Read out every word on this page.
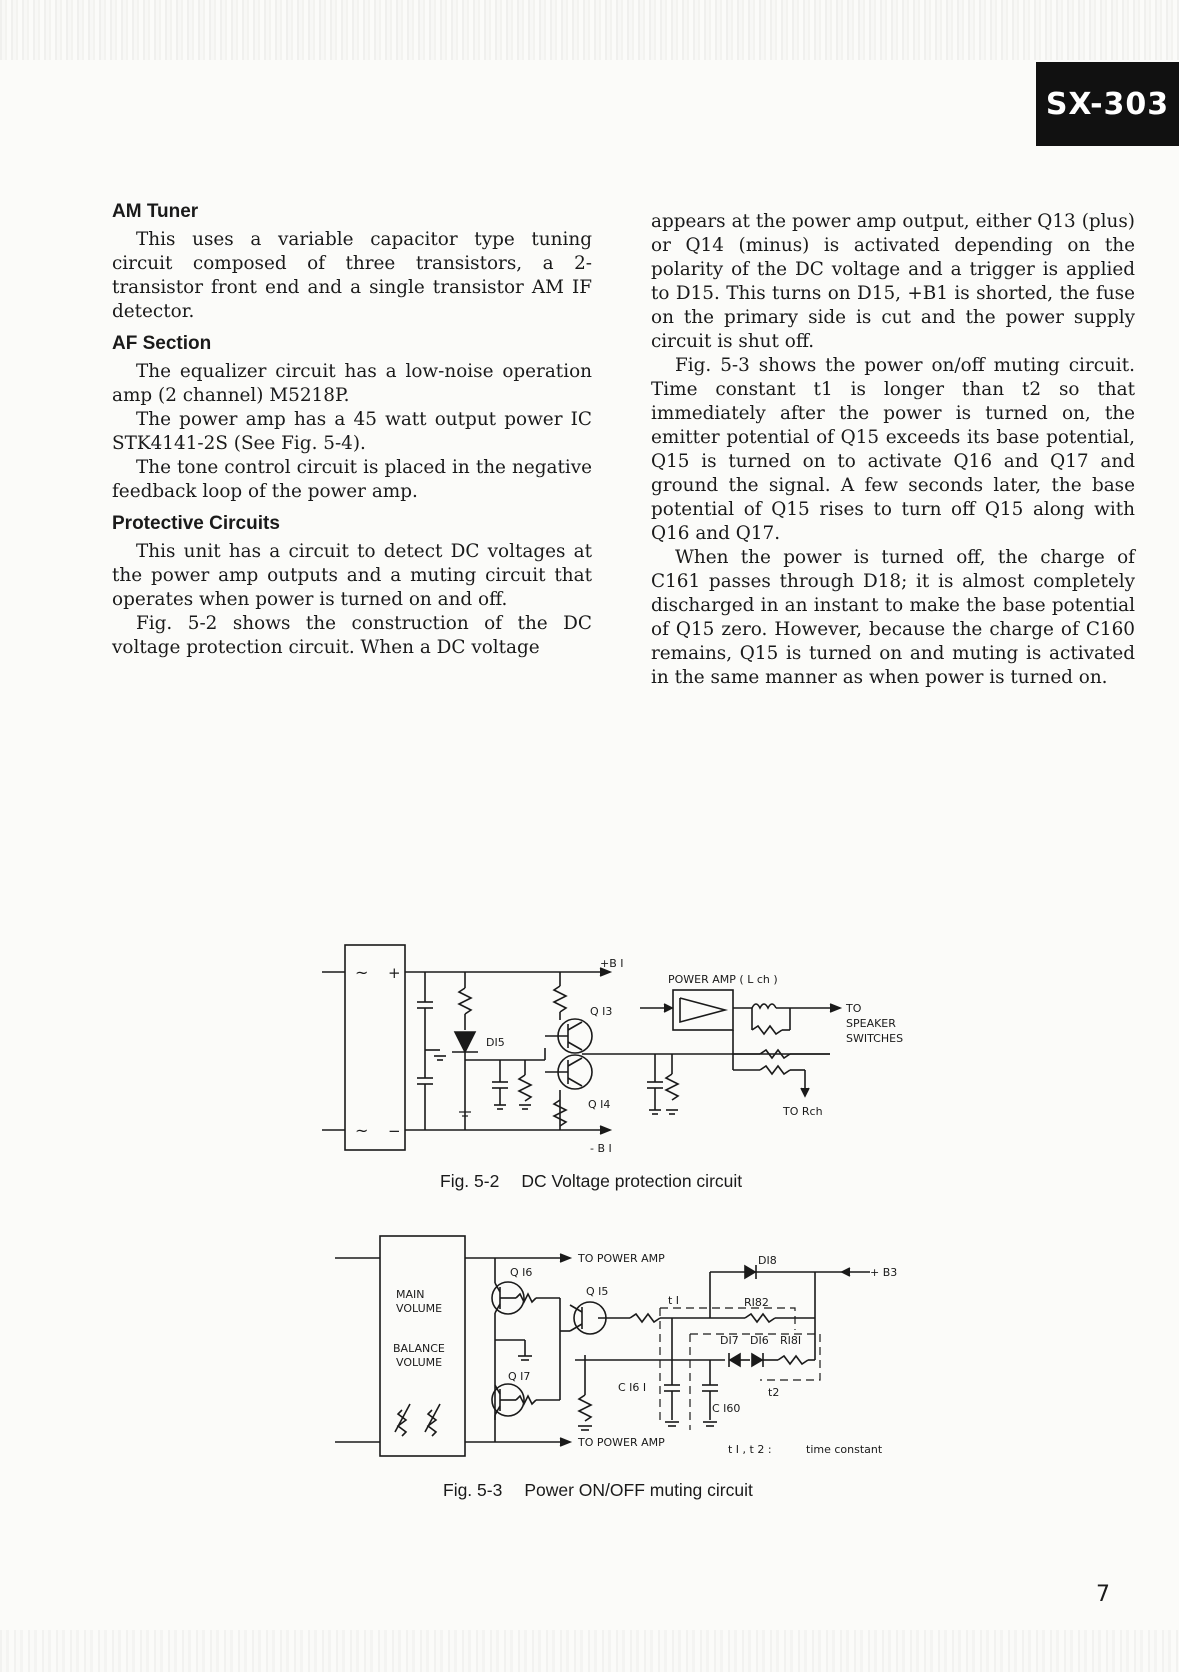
SX-303
AM Tuner

This uses a variable capacitor type tuning circuit composed of three transistors, a 2-transistor front end and a single transistor AM IF detector.

AF Section

The equalizer circuit has a low-noise operation amp (2 channel) M5218P.

The power amp has a 45 watt output power IC STK4141-2S (See Fig. 5-4).

The tone control circuit is placed in the negative feedback loop of the power amp.

Protective Circuits

This unit has a circuit to detect DC voltages at the power amp outputs and a muting circuit that operates when power is turned on and off.

Fig. 5-2 shows the construction of the DC voltage protection circuit. When a DC voltage

appears at the power amp output, either Q13 (plus) or Q14 (minus) is activated depending on the polarity of the DC voltage and a trigger is applied to D15. This turns on D15, +B1 is shorted, the fuse on the primary side is cut and the power supply circuit is shut off.

Fig. 5-3 shows the power on/off muting circuit. Time constant t1 is longer than t2 so that immediately after the power is turned on, the emitter potential of Q15 exceeds its base potential, Q15 is turned on to activate Q16 and Q17 and ground the signal. A few seconds later, the base potential of Q15 rises to turn off Q15 along with Q16 and Q17.

When the power is turned off, the charge of C161 passes through D18; it is almost completely discharged in an instant to make the base potential of Q15 zero. However, because the charge of C160 remains, Q15 is turned on and muting is activated in the same manner as when power is turned on.

~ +
~ −
+B I
- B I
DI5
Q I3
Q I4
POWER AMP ( L ch )
TO Rch
TO
SPEAKER
SWITCHES
Fig. 5-2 DC Voltage protection circuit
MAIN
VOLUME
BALANCE
VOLUME
TO POWER AMP
TO POWER AMP
Q I6
Q I7
Q I5
+ B3
DI8
RI82
t I
DI7 DI6 RI8I
t2
C I6 I
C I60
t I , t 2 :	time constant
Fig. 5-3 Power ON/OFF muting circuit
7
